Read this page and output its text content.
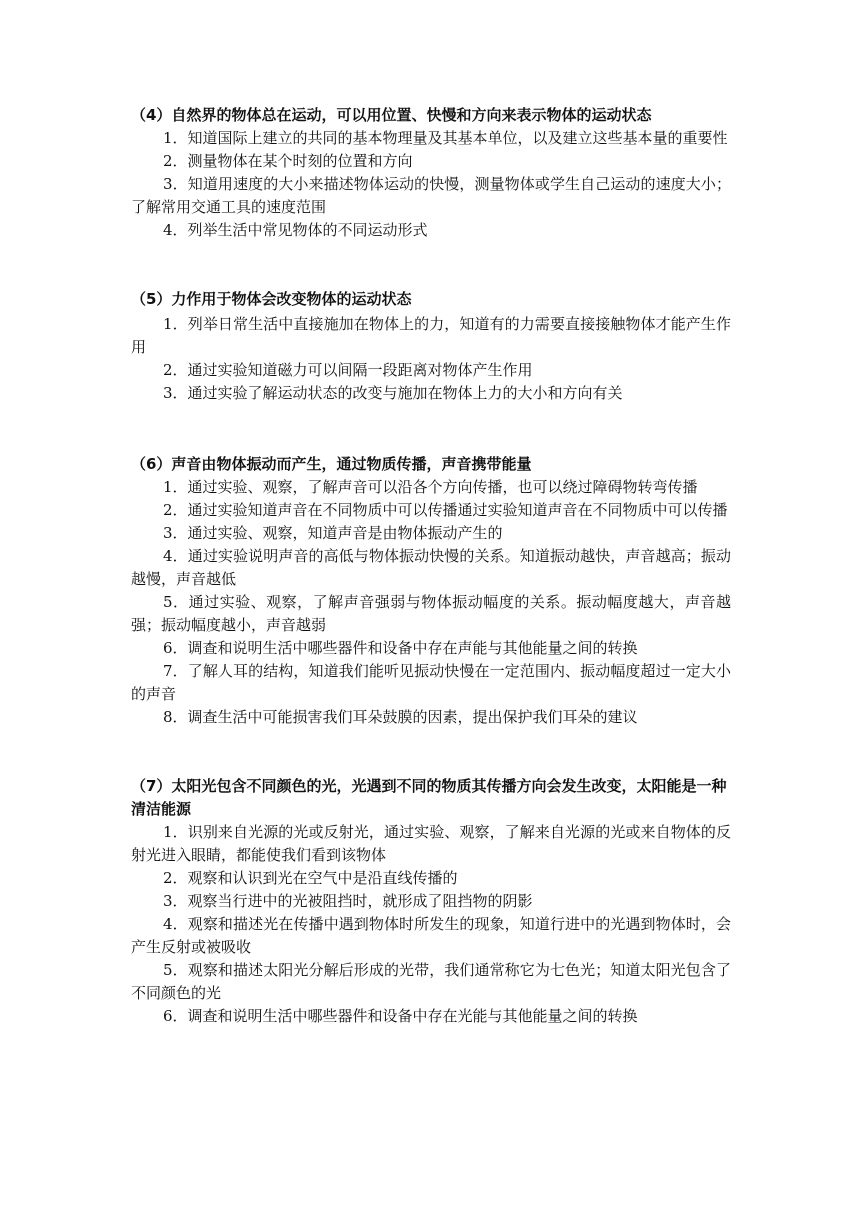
（4）自然界的物体总在运动，可以用位置、快慢和方向来表示物体的运动状态

1．知道国际上建立的共同的基本物理量及其基本单位，以及建立这些基本量的重要性

2．测量物体在某个时刻的位置和方向

3．知道用速度的大小来描述物体运动的快慢，测量物体或学生自己运动的速度大小；了解常用交通工具的速度范围

4．列举生活中常见物体的不同运动形式

（5）力作用于物体会改变物体的运动状态

1．列举日常生活中直接施加在物体上的力，知道有的力需要直接接触物体才能产生作用

2．通过实验知道磁力可以间隔一段距离对物体产生作用

3．通过实验了解运动状态的改变与施加在物体上力的大小和方向有关

（6）声音由物体振动而产生，通过物质传播，声音携带能量

1．通过实验、观察，了解声音可以沿各个方向传播，也可以绕过障碍物转弯传播

2．通过实验知道声音在不同物质中可以传播通过实验知道声音在不同物质中可以传播

3．通过实验、观察，知道声音是由物体振动产生的

4．通过实验说明声音的高低与物体振动快慢的关系。知道振动越快，声音越高；振动越慢，声音越低

5．通过实验、观察，了解声音强弱与物体振动幅度的关系。振动幅度越大，声音越强；振动幅度越小，声音越弱

6．调查和说明生活中哪些器件和设备中存在声能与其他能量之间的转换

7．了解人耳的结构，知道我们能听见振动快慢在一定范围内、振动幅度超过一定大小的声音

8．调查生活中可能损害我们耳朵鼓膜的因素，提出保护我们耳朵的建议

（7）太阳光包含不同颜色的光，光遇到不同的物质其传播方向会发生改变，太阳能是一种清洁能源

1．识别来自光源的光或反射光，通过实验、观察，了解来自光源的光或来自物体的反射光进入眼睛，都能使我们看到该物体

2．观察和认识到光在空气中是沿直线传播的

3．观察当行进中的光被阻挡时，就形成了阻挡物的阴影

4．观察和描述光在传播中遇到物体时所发生的现象，知道行进中的光遇到物体时，会产生反射或被吸收

5．观察和描述太阳光分解后形成的光带，我们通常称它为七色光；知道太阳光包含了不同颜色的光

6．调查和说明生活中哪些器件和设备中存在光能与其他能量之间的转换
